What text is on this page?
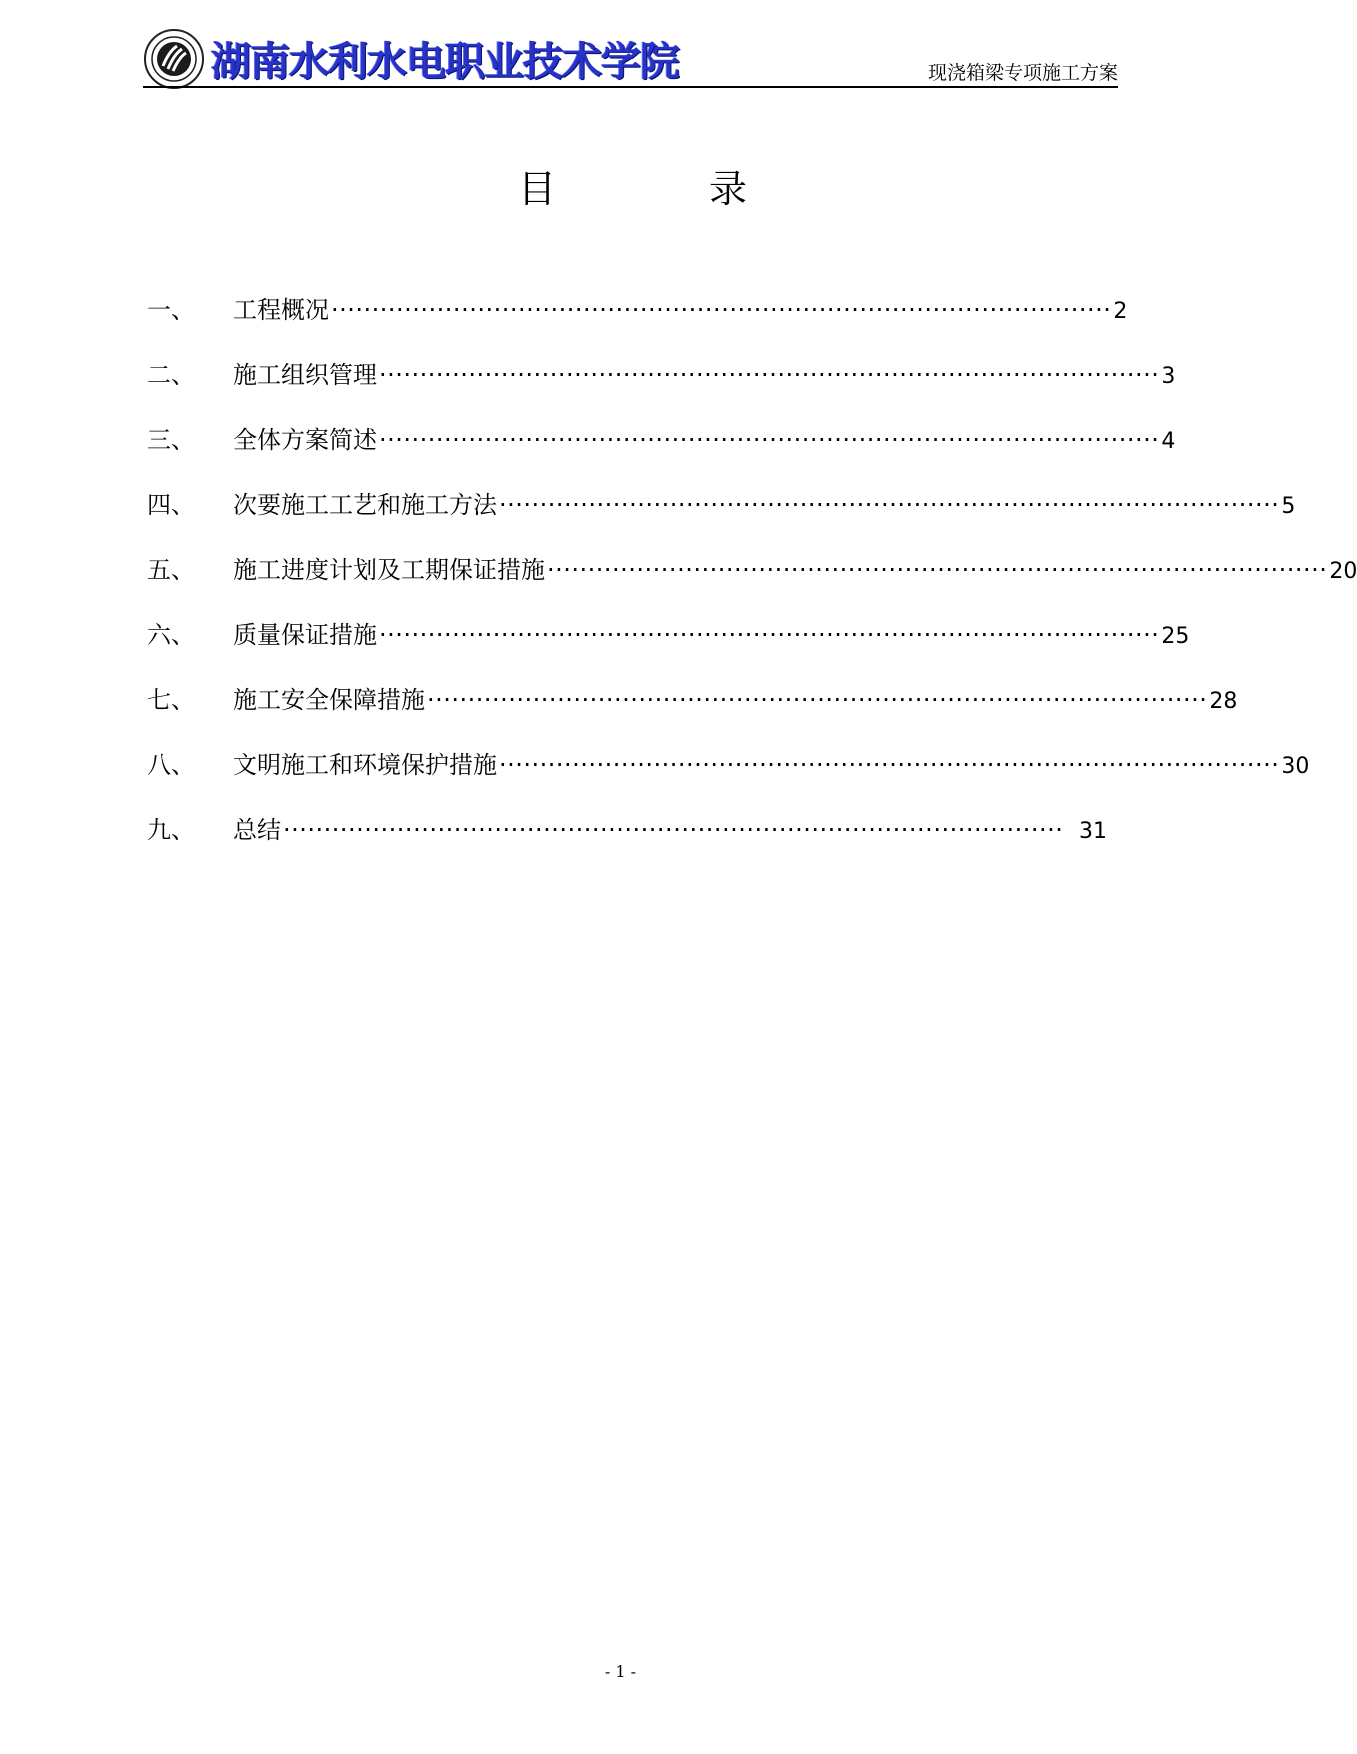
湖南水利水电职业技术学院	现浇箱梁专项施工方案
目	录
一、	工程概况 ································································································ 2
二、	施工组织管理 ································································································ 3
三、	全体方案简述 ································································································ 4
四、	次要施工工艺和施工方法 ································································································ 5
五、	施工进度计划及工期保证措施 ································································································ 20
六、	质量保证措施 ································································································ 25
七、	施工安全保障措施 ································································································ 28
八、	文明施工和环境保护措施 ································································································ 30
九、	总结 ································································································ 31
- 1 -
